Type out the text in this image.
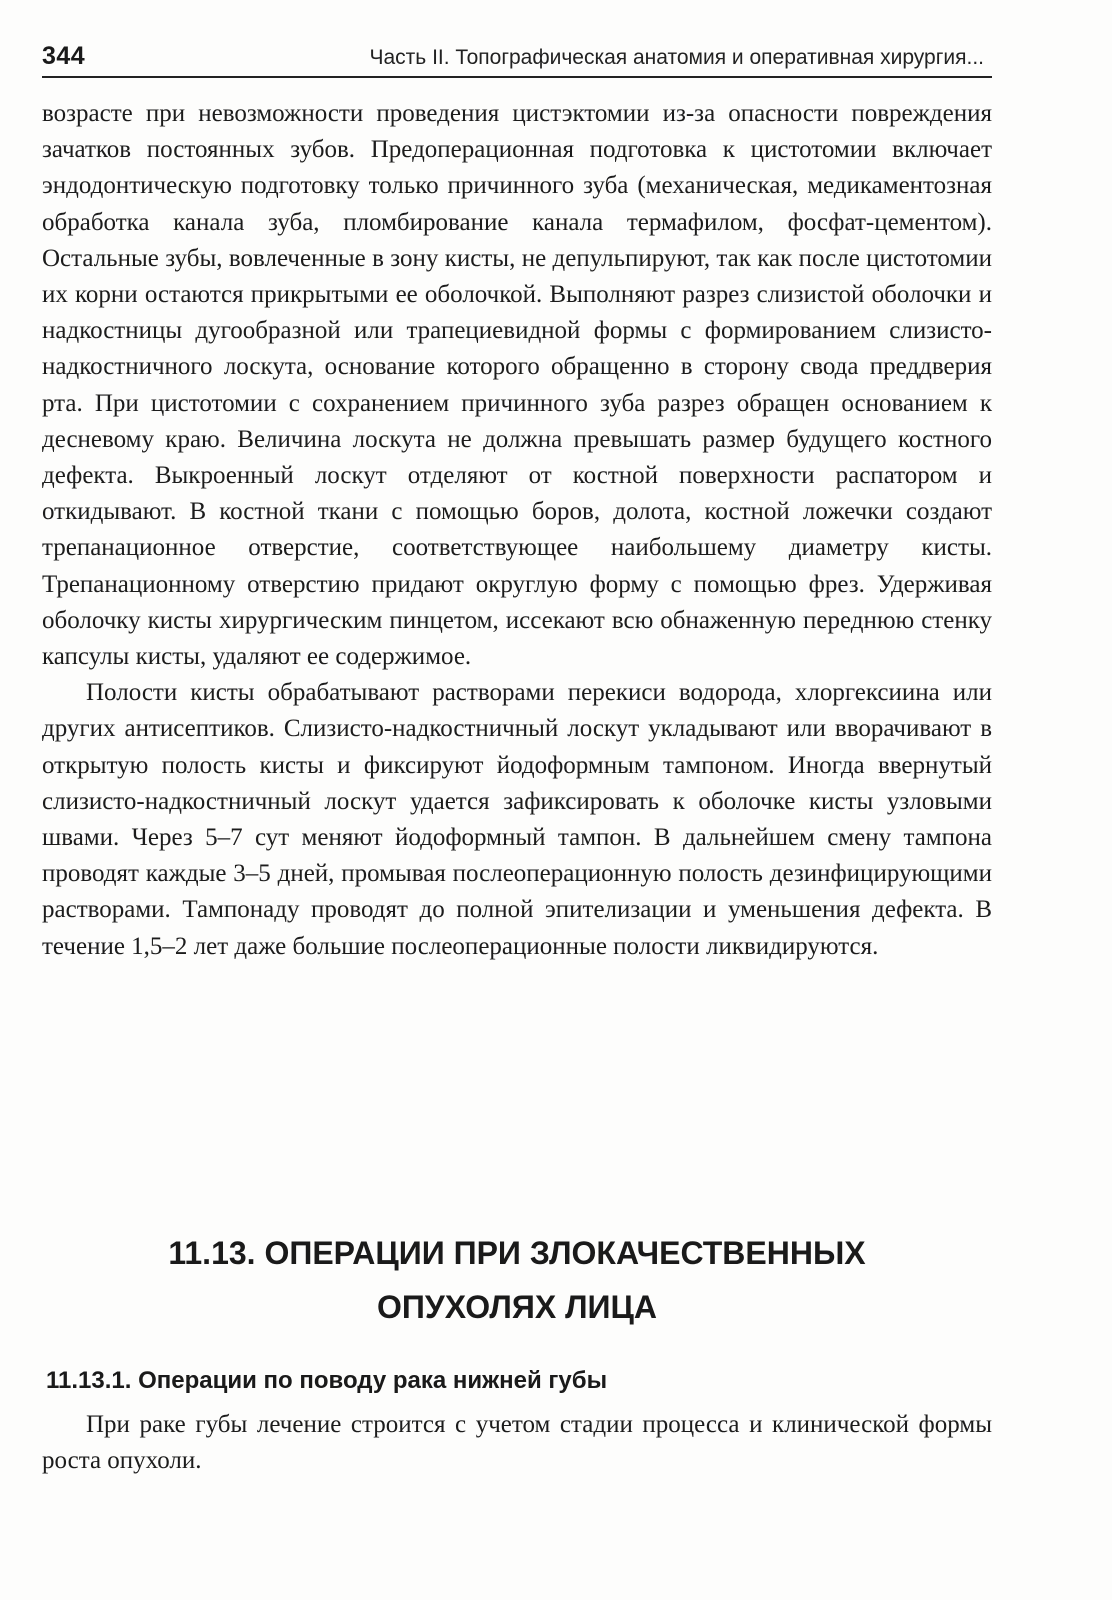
344	Часть II. Топографическая анатомия и оперативная хирургия...

возрасте при невозможности проведения цистэктомии из-за опасности повреждения зачатков постоянных зубов. Предоперационная подготовка к цистотомии включает эндодонтическую подготовку только причинного зуба (механическая, медикаментозная обработка канала зуба, пломбирование канала термафилом, фосфат-цементом). Остальные зубы, вовлеченные в зону кисты, не депульпируют, так как после цистотомии их корни остаются прикрытыми ее оболочкой. Выполняют разрез слизистой оболочки и надкостницы дугообразной или трапециевидной формы с формированием слизисто-надкостничного лоскута, основание которого обращенно в сторону свода преддверия рта. При цистотомии с сохранением причинного зуба разрез обращен основанием к десневому краю. Величина лоскута не должна превышать размер будущего костного дефекта. Выкроенный лоскут отделяют от костной поверхности распатором и откидывают. В костной ткани с помощью боров, долота, костной ложечки создают трепанационное отверстие, соответствующее наибольшему диаметру кисты. Трепанационному отверстию придают округлую форму с помощью фрез. Удерживая оболочку кисты хирургическим пинцетом, иссекают всю обнаженную переднюю стенку капсулы кисты, удаляют ее содержимое.

Полости кисты обрабатывают растворами перекиси водорода, хлоргексиина или других антисептиков. Слизисто-надкостничный лоскут укладывают или вворачивают в открытую полость кисты и фиксируют йодоформным тампоном. Иногда ввернутый слизисто-надкостничный лоскут удается зафиксировать к оболочке кисты узловыми швами. Через 5–7 сут меняют йодоформный тампон. В дальнейшем смену тампона проводят каждые 3–5 дней, промывая послеоперационную полость дезинфицирующими растворами. Тампонаду проводят до полной эпителизации и уменьшения дефекта. В течение 1,5–2 лет даже большие послеоперационные полости ликвидируются.

11.13. ОПЕРАЦИИ ПРИ ЗЛОКАЧЕСТВЕННЫХ
ОПУХОЛЯХ ЛИЦА
11.13.1. Операции по поводу рака нижней губы

При раке губы лечение строится с учетом стадии процесса и клинической формы роста опухоли.
